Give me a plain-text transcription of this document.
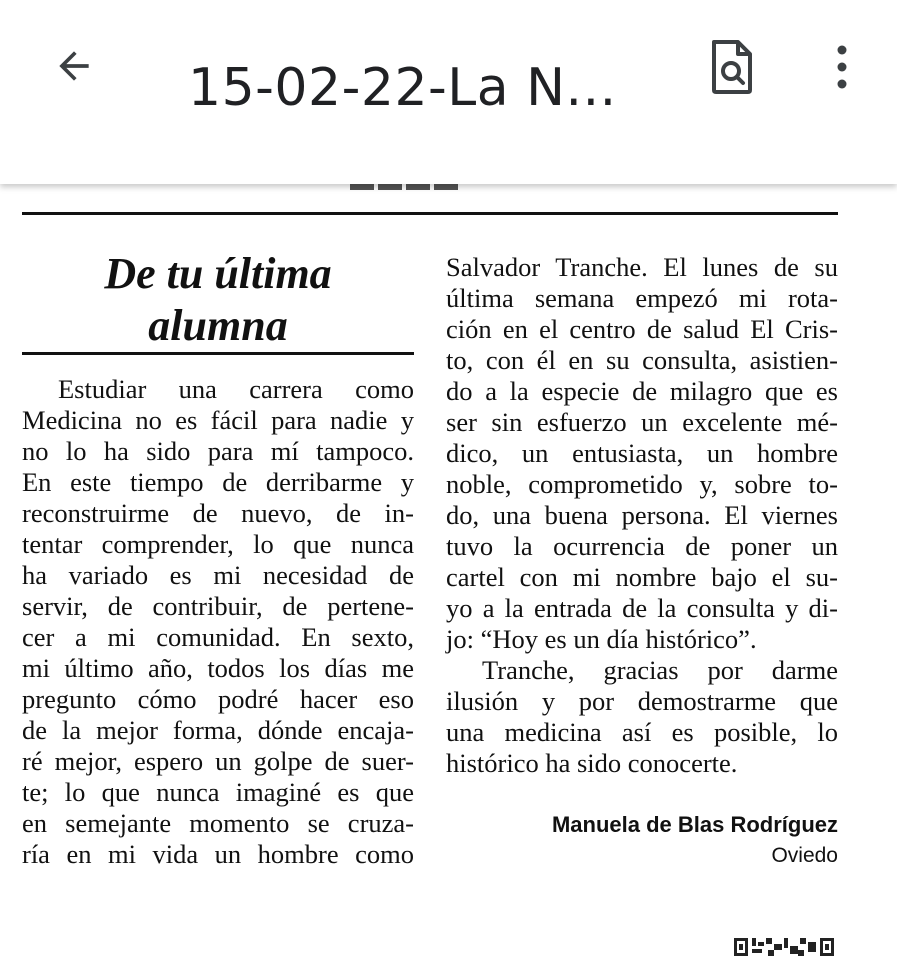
15-02-22-La N...
De tu última
alumna
Estudiar una carrera como
Medicina no es fácil para nadie y
no lo ha sido para mí tampoco.
En este tiempo de derribarme y
reconstruirme de nuevo, de in-
tentar comprender, lo que nunca
ha variado es mi necesidad de
servir, de contribuir, de pertene-
cer a mi comunidad. En sexto,
mi último año, todos los días me
pregunto cómo podré hacer eso
de la mejor forma, dónde encaja-
ré mejor, espero un golpe de suer-
te; lo que nunca imaginé es que
en semejante momento se cruza-
ría en mi vida un hombre como
Salvador Tranche. El lunes de su
última semana empezó mi rota-
ción en el centro de salud El Cris-
to, con él en su consulta, asistien-
do a la especie de milagro que es
ser sin esfuerzo un excelente mé-
dico, un entusiasta, un hombre
noble, comprometido y, sobre to-
do, una buena persona. El viernes
tuvo la ocurrencia de poner un
cartel con mi nombre bajo el su-
yo a la entrada de la consulta y di-
jo: “Hoy es un día histórico”.
Tranche, gracias por darme
ilusión y por demostrarme que
una medicina así es posible, lo
histórico ha sido conocerte.
Manuela de Blas Rodríguez
Oviedo
